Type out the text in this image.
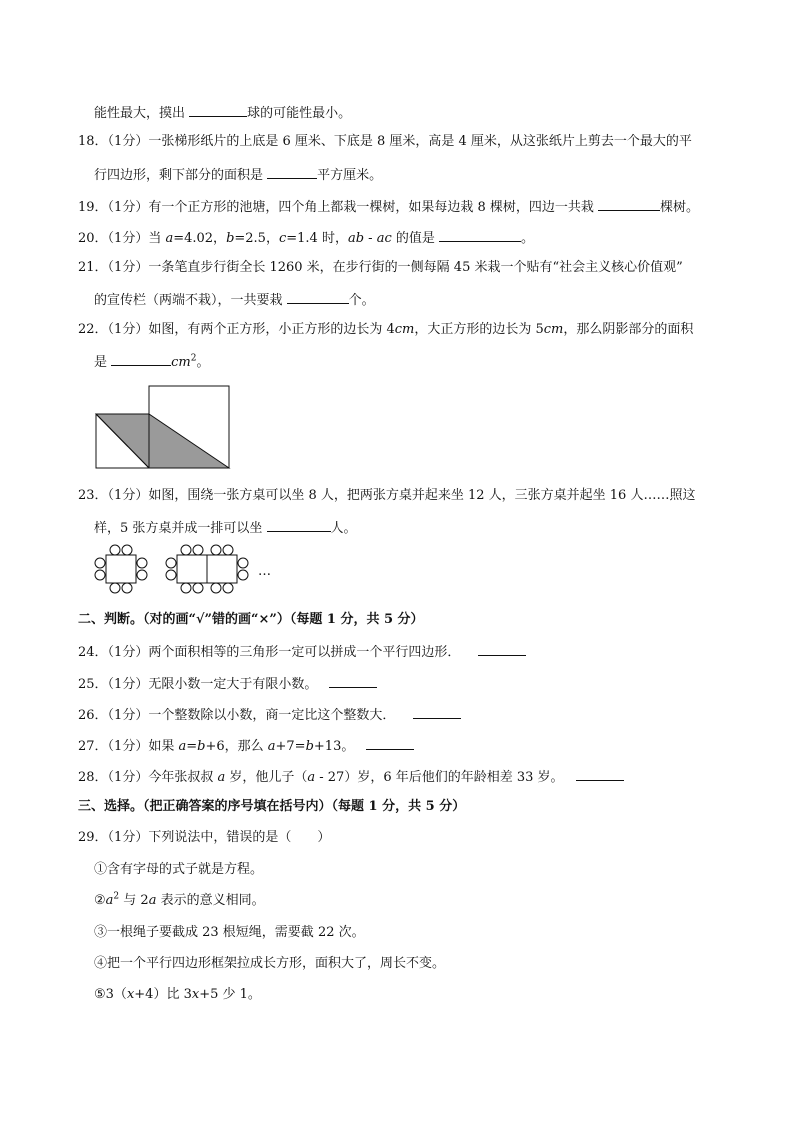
能性最大，摸出	球的可能性最小。
18．（1分）一张梯形纸片的上底是 6 厘米、下底是 8 厘米，高是 4 厘米，从这张纸片上剪去一个最大的平
行四边形，剩下部分的面积是	平方厘米。
19．（1分）有一个正方形的池塘，四个角上都栽一棵树，如果每边栽 8 棵树，四边一共栽	棵树。
20．（1分）当 a=4.02，b=2.5，c=1.4 时，ab - ac 的值是	。
21．（1分）一条笔直步行街全长 1260 米，在步行街的一侧每隔 45 米栽一个贴有“社会主义核心价值观”
的宣传栏（两端不栽），一共要栽	个。
22．（1分）如图，有两个正方形，小正方形的边长为 4cm，大正方形的边长为 5cm，那么阴影部分的面积
是	$cm^2$。
23．（1分）如图，围绕一张方桌可以坐 8 人，把两张方桌并起来坐 12 人，三张方桌并起坐 16 人……照这
样，5 张方桌并成一排可以坐	人。
…
二、判断。（对的画“√”错的画“×”）（每题 1 分，共 5 分）
24．（1分）两个面积相等的三角形一定可以拼成一个平行四边形．
25．（1分）无限小数一定大于有限小数。
26．（1分）一个整数除以小数，商一定比这个整数大．
27．（1分）如果 a=b+6，那么 a+7=b+13。
28．（1分）今年张叔叔 a 岁，他儿子（a - 27）岁，6 年后他们的年龄相差 33 岁。
三、选择。（把正确答案的序号填在括号内）（每题 1 分，共 5 分）
29．（1分）下列说法中，错误的是（　　）
①含有字母的式子就是方程。
$②a^2$ 与 2a 表示的意义相同。
③一根绳子要截成 23 根短绳，需要截 22 次。
④把一个平行四边形框架拉成长方形，面积大了，周长不变。
⑤3（x+4）比 3x+5 少 1。
